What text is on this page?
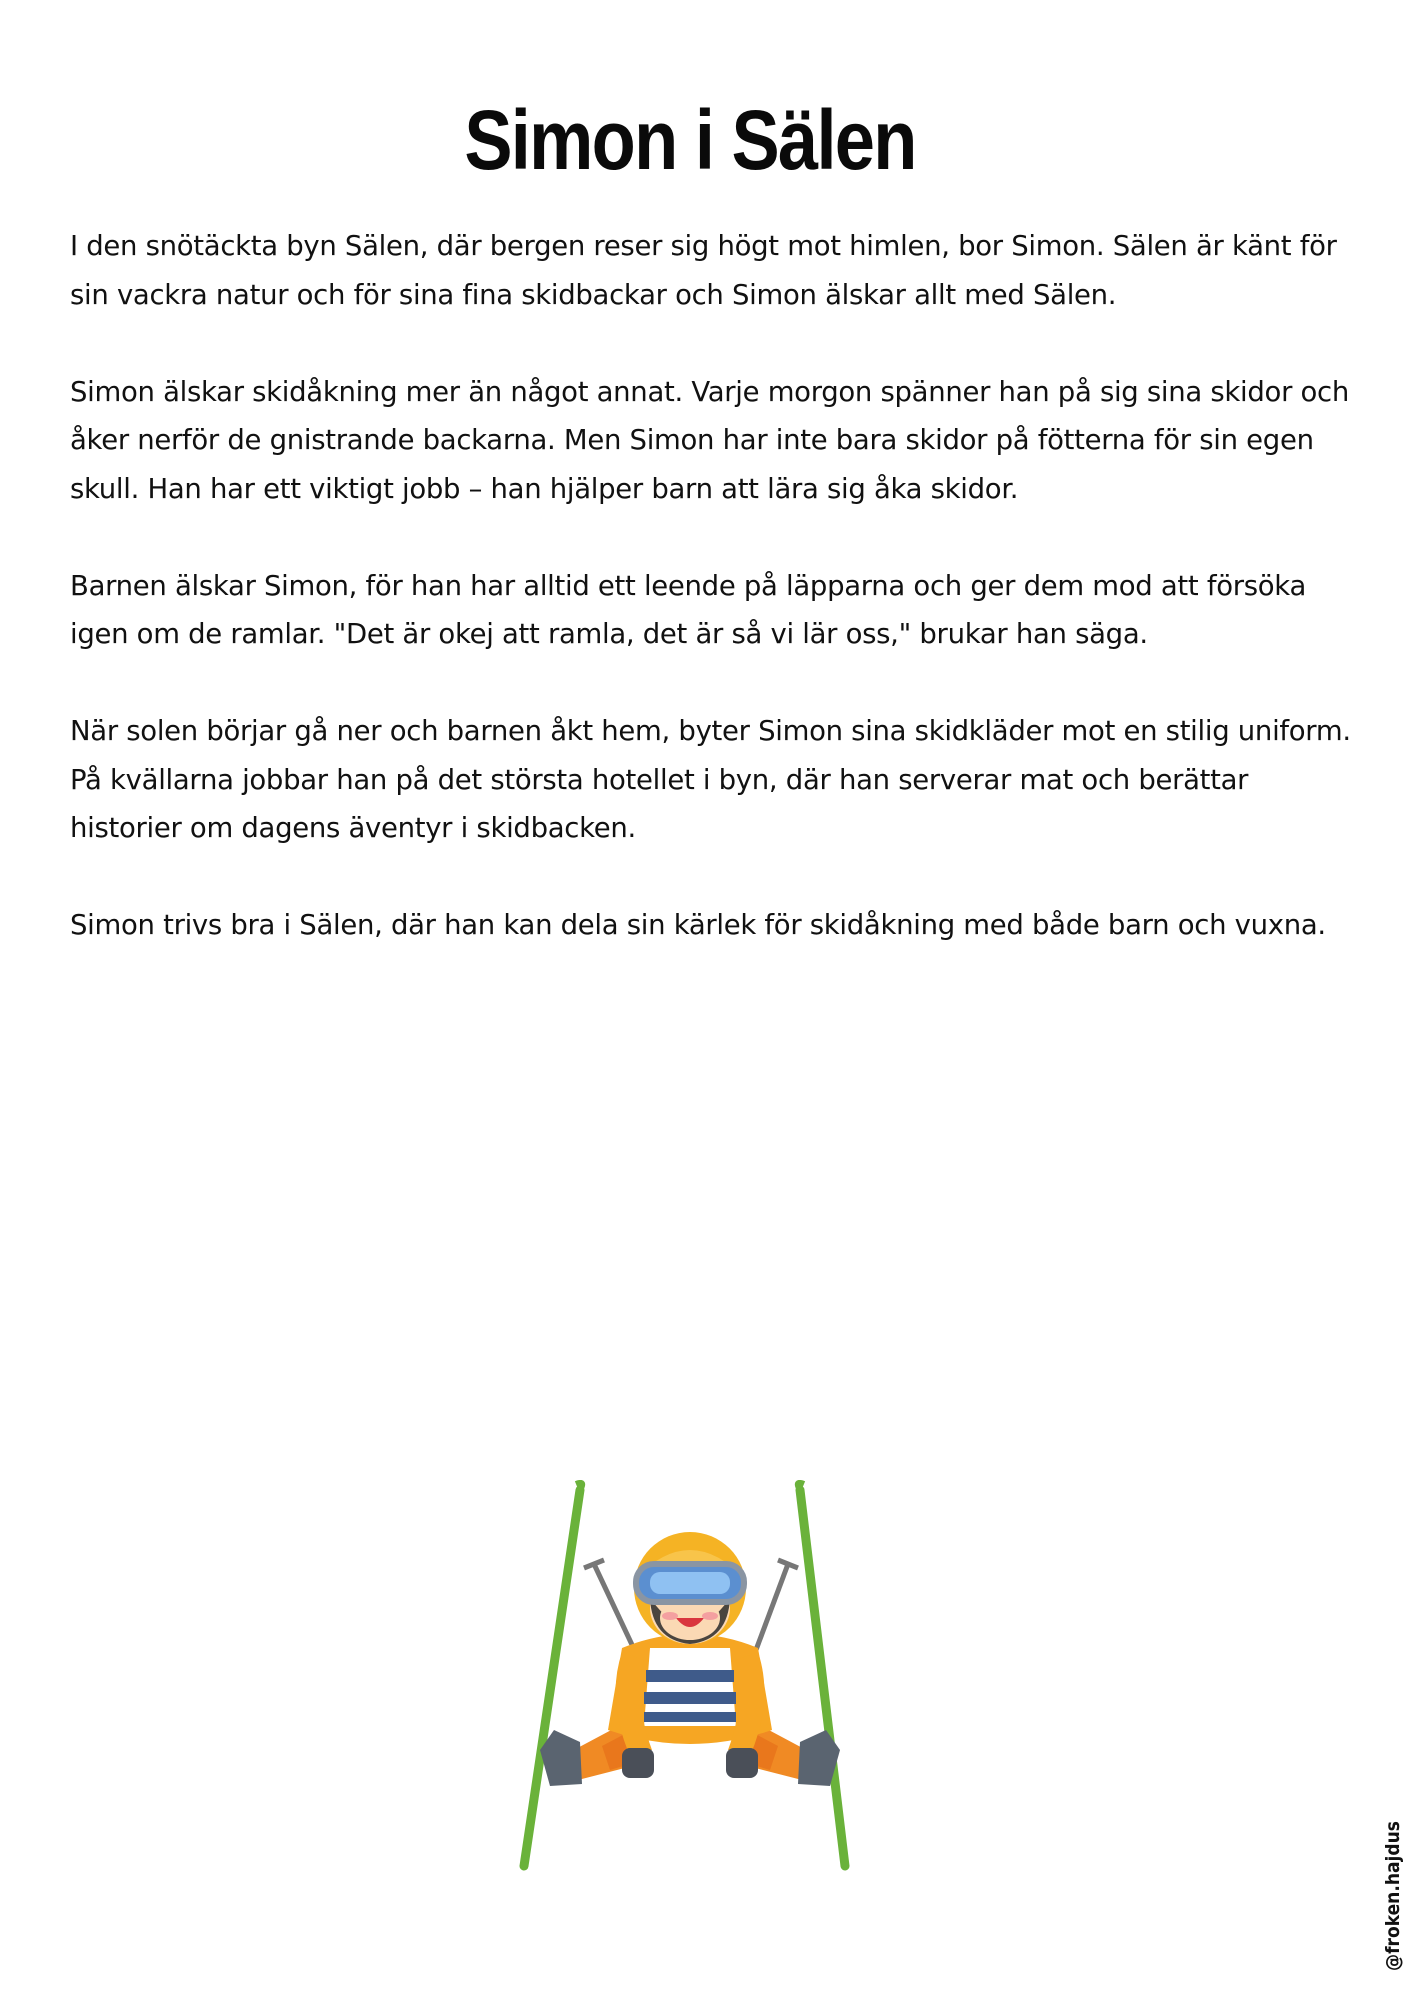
Simon i Sälen

I den snötäckta byn Sälen, där bergen reser sig högt mot himlen, bor Simon. Sälen är känt för sin vackra natur och för sina fina skidbackar och Simon älskar allt med Sälen.

Simon älskar skidåkning mer än något annat. Varje morgon spänner han på sig sina skidor och åker nerför de gnistrande backarna. Men Simon har inte bara skidor på fötterna för sin egen skull. Han har ett viktigt jobb – han hjälper barn att lära sig åka skidor.

Barnen älskar Simon, för han har alltid ett leende på läpparna och ger dem mod att försöka igen om de ramlar. "Det är okej att ramla, det är så vi lär oss," brukar han säga.

När solen börjar gå ner och barnen åkt hem, byter Simon sina skidkläder mot en stilig uniform. På kvällarna jobbar han på det största hotellet i byn, där han serverar mat och berättar historier om dagens äventyr i skidbacken.

Simon trivs bra i Sälen, där han kan dela sin kärlek för skidåkning med både barn och vuxna.

@froken.hajdus
